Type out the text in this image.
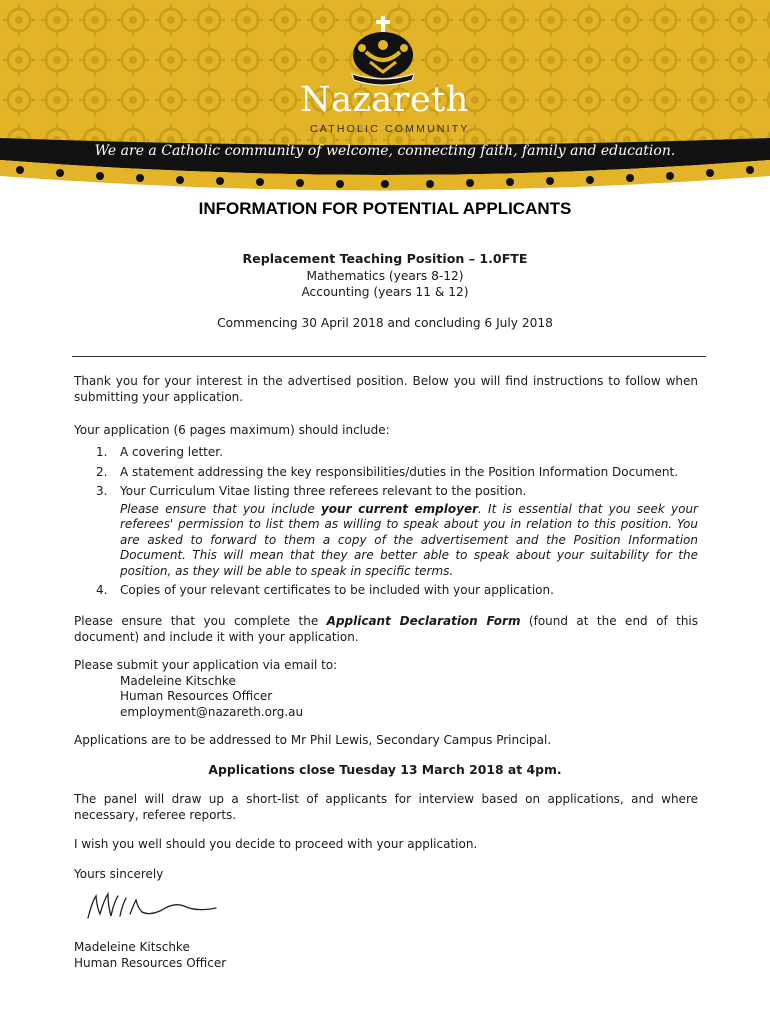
Nazareth
CATHOLIC COMMUNITY
We are a Catholic community of welcome, connecting faith, family and education.
INFORMATION FOR POTENTIAL APPLICANTS
Replacement Teaching Position – 1.0FTE
Mathematics (years 8-12)
Accounting (years 11 & 12)
Commencing 30 April 2018 and concluding 6 July 2018
Thank you for your interest in the advertised position. Below you will find instructions to follow when submitting your application.
Your application (6 pages maximum) should include:
1. A covering letter.
2. A statement addressing the key responsibilities/duties in the Position Information Document.
3. Your Curriculum Vitae listing three referees relevant to the position.
Please ensure that you include your current employer. It is essential that you seek your referees' permission to list them as willing to speak about you in relation to this position. You are asked to forward to them a copy of the advertisement and the Position Information Document. This will mean that they are better able to speak about your suitability for the position, as they will be able to speak in specific terms.
4. Copies of your relevant certificates to be included with your application.
Please ensure that you complete the Applicant Declaration Form (found at the end of this document) and include it with your application.
Please submit your application via email to:
Madeleine Kitschke
Human Resources Officer
employment@nazareth.org.au
Applications are to be addressed to Mr Phil Lewis, Secondary Campus Principal.
Applications close Tuesday 13 March 2018 at 4pm.
The panel will draw up a short-list of applicants for interview based on applications, and where necessary, referee reports.
I wish you well should you decide to proceed with your application.
Yours sincerely
Madeleine Kitschke
Human Resources Officer
